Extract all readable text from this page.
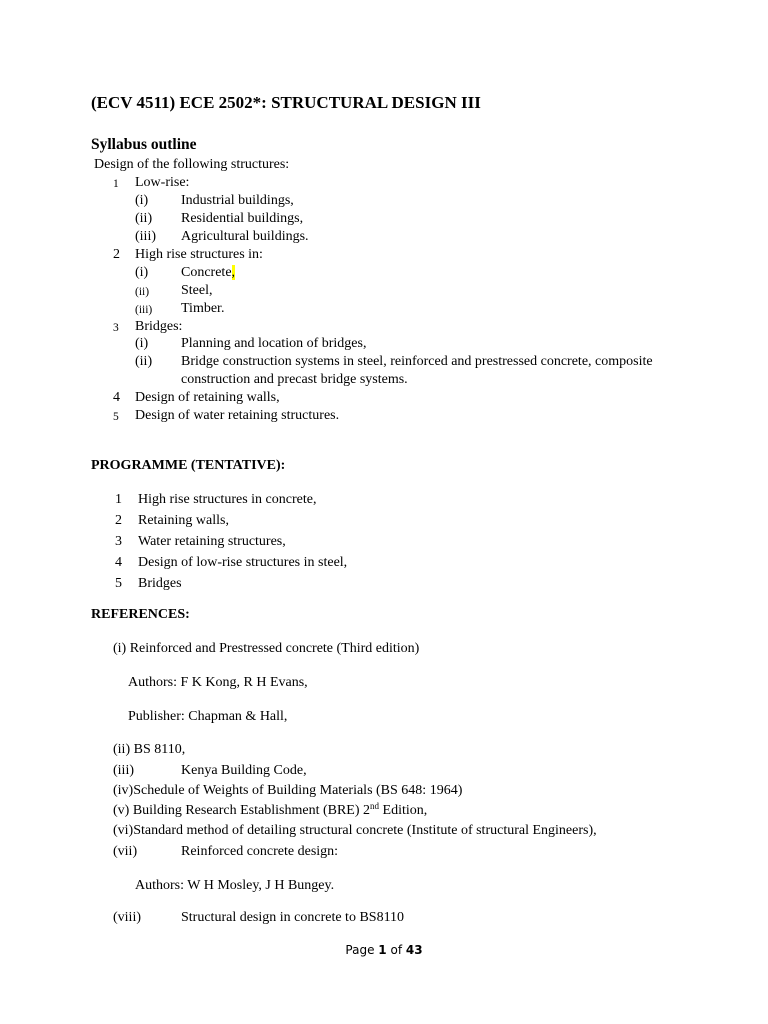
(ECV 4511) ECE 2502*: STRUCTURAL DESIGN III
Syllabus outline
Design of the following structures:
1 Low-rise:
(i) Industrial buildings,
(ii) Residential buildings,
(iii) Agricultural buildings.
2 High rise structures in:
(i) Concrete,
(ii) Steel,
(iii) Timber.
3 Bridges:
(i) Planning and location of bridges,
(ii) Bridge construction systems in steel, reinforced and prestressed concrete, composite
construction and precast bridge systems.
4 Design of retaining walls,
5 Design of water retaining structures.
PROGRAMME (TENTATIVE):
1 High rise structures in concrete,
2 Retaining walls,
3 Water retaining structures,
4 Design of low-rise structures in steel,
5 Bridges
REFERENCES:
(i) Reinforced and Prestressed concrete (Third edition)
Authors: F K Kong, R H Evans,
Publisher: Chapman & Hall,
(ii) BS 8110,
(iii)	Kenya Building Code,
(iv)Schedule of Weights of Building Materials (BS 648: 1964)
(v) Building Research Establishment (BRE) 2nd Edition,
(vi)Standard method of detailing structural concrete (Institute of structural Engineers),
(vii)	Reinforced concrete design:
Authors: W H Mosley, J H Bungey.
(viii)	Structural design in concrete to BS8110
Page 1 of 43
